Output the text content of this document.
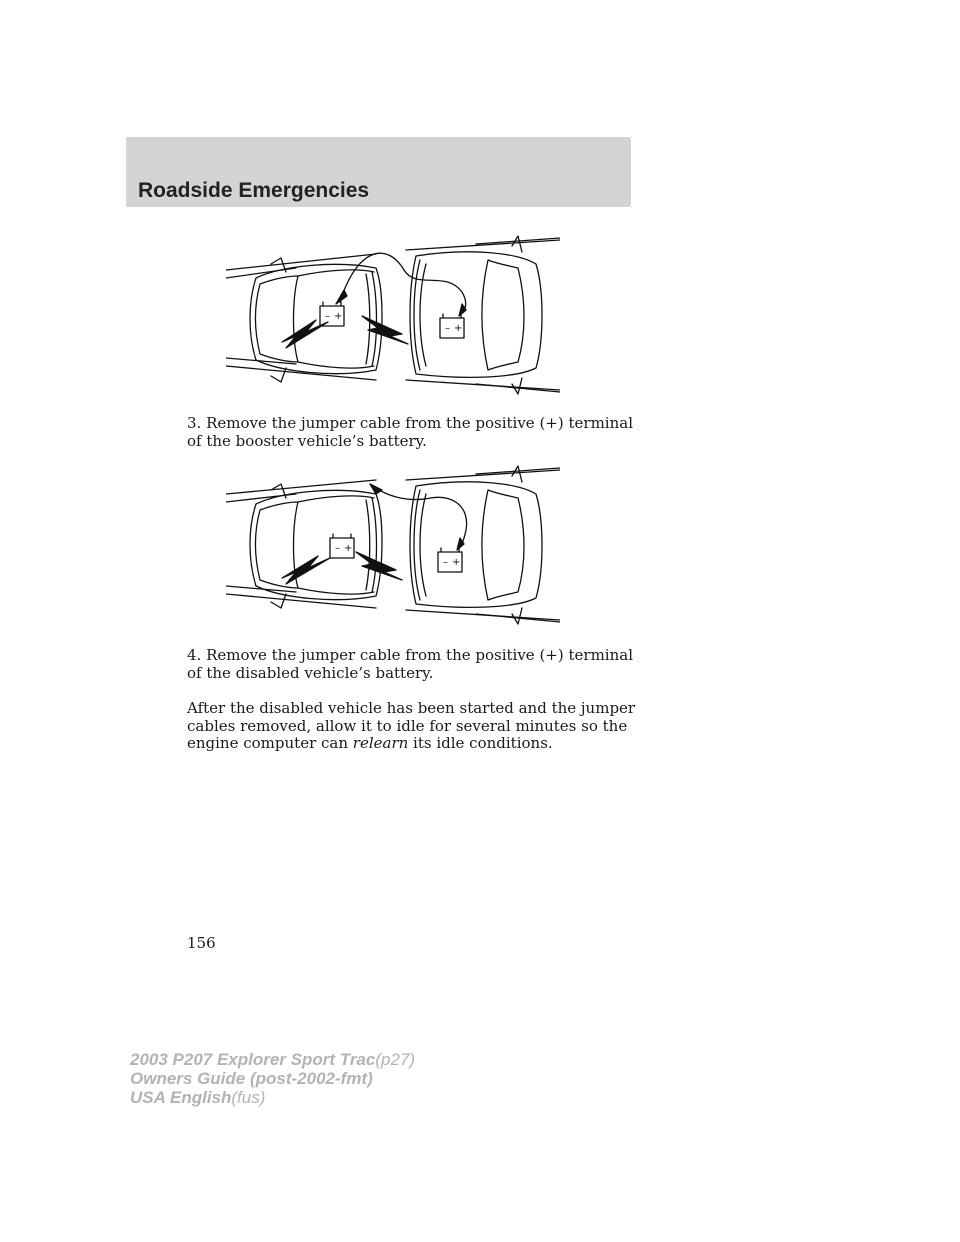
Roadside Emergencies
– +
– +

3. Remove the jumper cable from the positive (+) terminal of the booster vehicle’s battery.

– +
– +

4. Remove the jumper cable from the positive (+) terminal of the disabled vehicle’s battery.

After the disabled vehicle has been started and the jumper cables removed, allow it to idle for several minutes so the engine computer can relearn its idle conditions.

156

2003 P207 Explorer Sport Trac(p27)
Owners Guide (post-2002-fmt)
USA English(fus)
